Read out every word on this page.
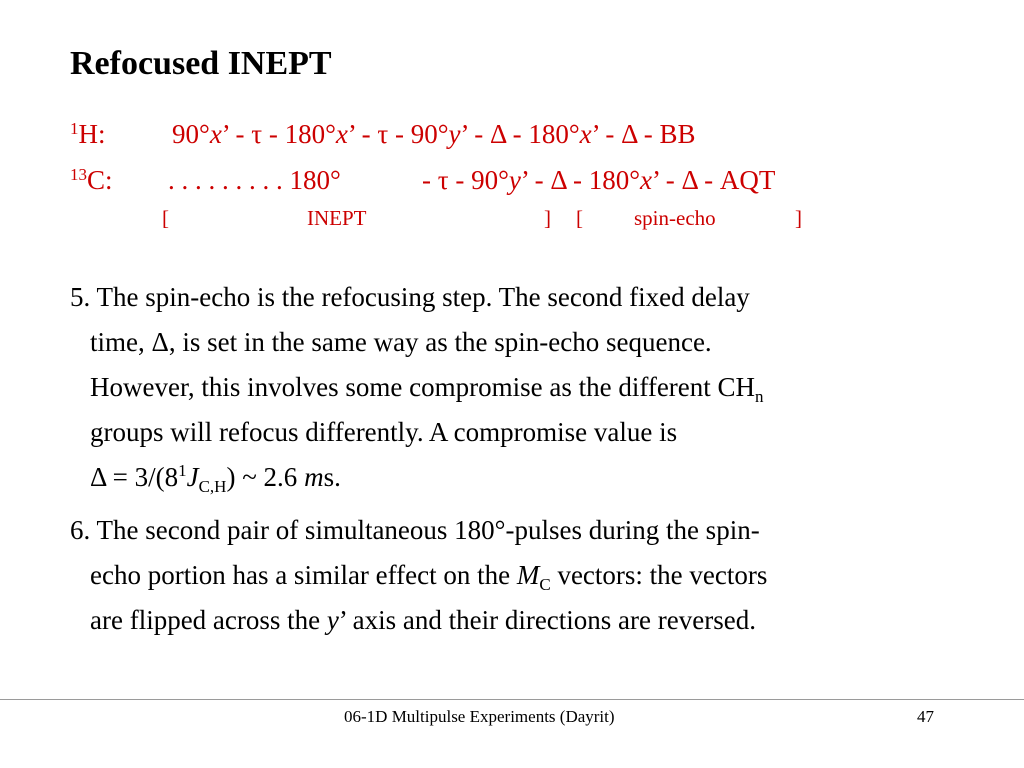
Refocused INEPT
$^1$H: 90°x’ - τ - 180°x’ - τ - 90°y’ - Δ - 180°x’ - Δ - BB
$^{13}$C: . . . . . . . . . 180°	- τ - 90°y’ - Δ - 180°x’ - Δ - AQT
[	INEPT	] [ spin-echo	]
5. The spin-echo is the refocusing step. The second fixed delay
time, Δ, is set in the same way as the spin-echo sequence.
However, this involves some compromise as the different $CH_n$
groups will refocus differently. A compromise value is
$\Delta = 3/(8^1J_{C,H})$ ~ 2.6 ms.
6. The second pair of simultaneous 180°-pulses during the spin-
echo portion has a similar effect on the $M_C$ vectors: the vectors
are flipped across the y’ axis and their directions are reversed.
06-1D Multipulse Experiments (Dayrit)	47
